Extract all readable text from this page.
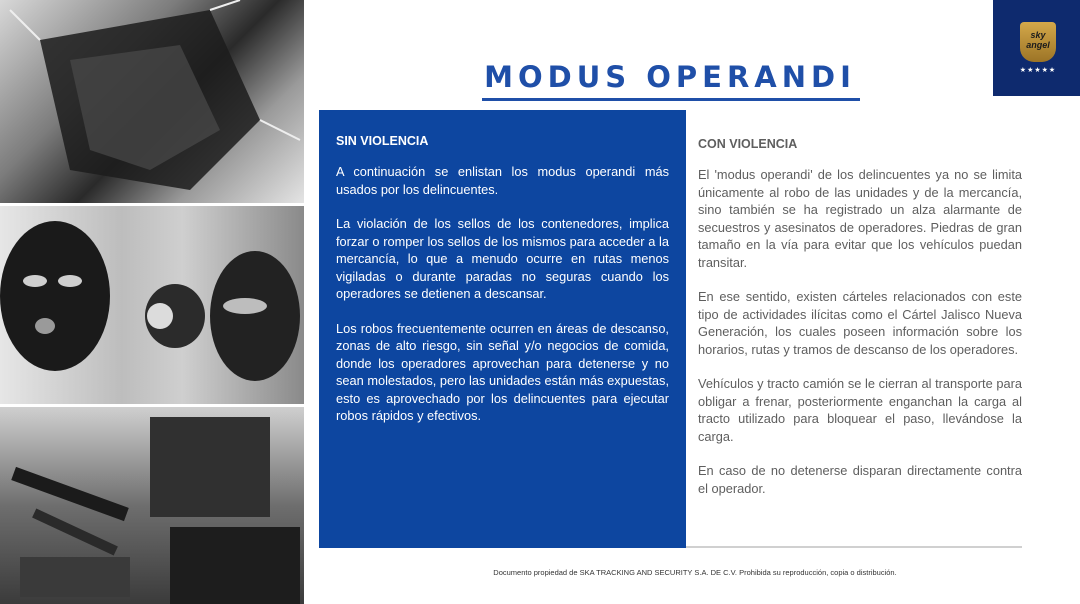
MODUS OPERANDI
sky
angel
★★★★★
SIN VIOLENCIA

A continuación se enlistan los modus operandi más usados por los delincuentes.

La violación de los sellos de los contenedores, implica forzar o romper los sellos de los mismos para acceder a la mercancía, lo que a menudo ocurre en rutas menos vigiladas o durante paradas no seguras cuando los operadores se detienen a descansar.

Los robos frecuentemente ocurren en áreas de descanso, zonas de alto riesgo, sin señal y/o negocios de comida, donde los operadores aprovechan para detenerse y no sean molestados, pero las unidades están más expuestas, esto es aprovechado por los delincuentes para ejecutar robos rápidos y efectivos.

CON VIOLENCIA

El 'modus operandi' de los delincuentes ya no se limita únicamente al robo de las unidades y de la mercancía, sino también se ha registrado un alza alarmante de secuestros y asesinatos de operadores. Piedras de gran tamaño en la vía para evitar que los vehículos puedan transitar.

En ese sentido, existen cárteles relacionados con este tipo de actividades ilícitas como el Cártel Jalisco Nueva Generación, los cuales poseen información sobre los horarios, rutas y tramos de descanso de los operadores.

Vehículos y tracto camión se le cierran al transporte para obligar a frenar, posteriormente enganchan la carga al tracto utilizado para bloquear el paso, llevándose la carga.

En caso de no detenerse disparan directamente contra el operador.

Documento propiedad de SKA TRACKING AND SECURITY S.A. DE C.V. Prohibida su reproducción, copia o distribución.
